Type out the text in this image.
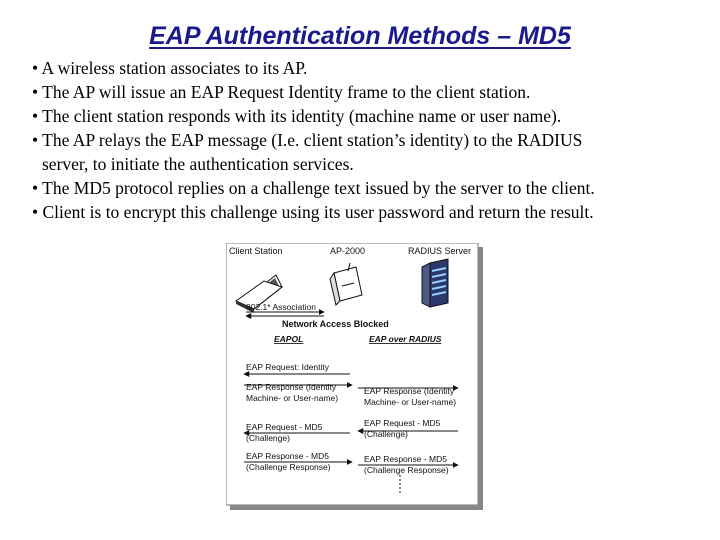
EAP Authentication Methods – MD5
• A wireless station associates to its AP.
• The AP will issue an EAP Request Identity frame to the client station.
• The client station responds with its identity (machine name or user name).
• The AP relays the EAP message (I.e. client station’s identity) to the RADIUS
server, to initiate the authentication services.
• The MD5 protocol replies on a challenge text issued by the server to the client.
• Client is to encrypt this challenge using its user password and return the result.
Client Station	AP-2000	RADIUS Server
802.1* Association
Network Access Blocked
EAPOL	EAP over RADIUS
EAP Request: Identity
EAP Response (Identity
Machine- or User-name)
EAP Request - MD5
(Challenge)
EAP Response - MD5
(Challenge Response)
EAP Response (Identity
Machine- or User-name)
EAP Request - MD5
(Challenge)
EAP Response - MD5
(Challenge Response)
